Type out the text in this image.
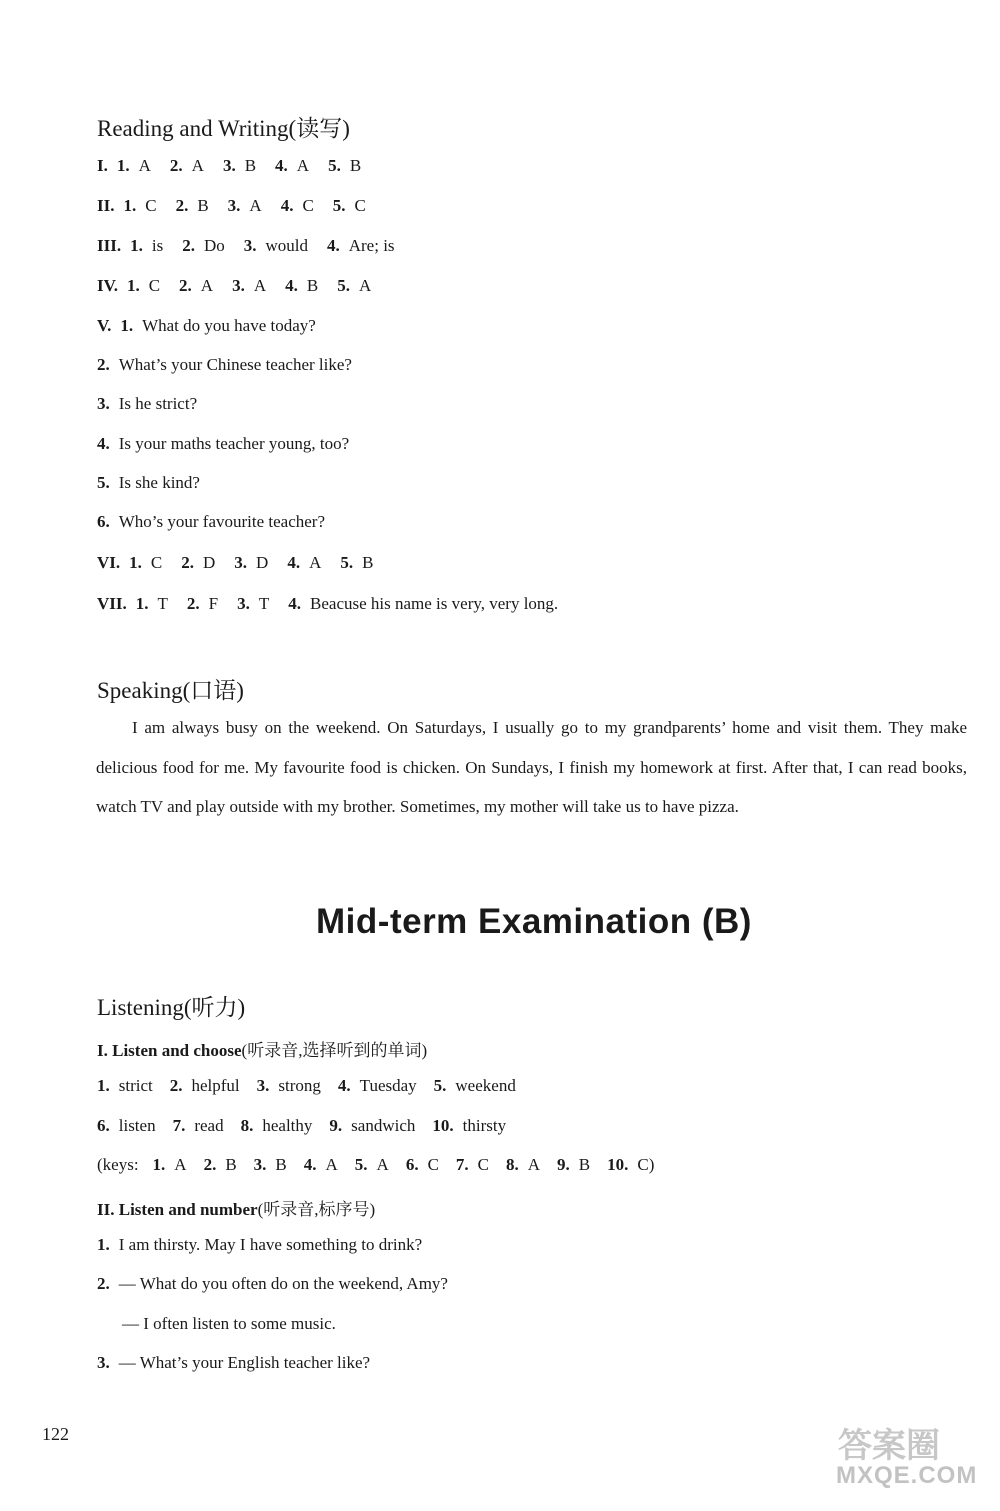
Reading and Writing(读写)
I. 1. A 2. A 3. B 4. A 5. B
II. 1. C 2. B 3. A 4. C 5. C
III. 1. is 2. Do 3. would 4. Are; is
IV. 1. C 2. A 3. A 4. B 5. A
V. 1. What do you have today?
2. What’s your Chinese teacher like?
3. Is he strict?
4. Is your maths teacher young, too?
5. Is she kind?
6. Who’s your favourite teacher?
VI. 1. C 2. D 3. D 4. A 5. B
VII. 1. T 2. F 3. T 4. Beacuse his name is very, very long.
Speaking(口语)
I am always busy on the weekend. On Saturdays, I usually go to my grandparents’ home and visit them. They make delicious food for me. My favourite food is chicken. On Sundays, I finish my homework at first. After that, I can read books, watch TV and play outside with my brother. Sometimes, my mother will take us to have pizza.
Mid-term Examination (B)
Listening(听力)
I. Listen and choose(听录音,选择听到的单词)
1. strict 2. helpful 3. strong 4. Tuesday 5. weekend
6. listen 7. read 8. healthy 9. sandwich 10. thirsty
(keys: 1. A 2. B 3. B 4. A 5. A 6. C 7. C 8. A 9. B 10. C)
II. Listen and number(听录音,标序号)
1. I am thirsty. May I have something to drink?
2. — What do you often do on the weekend, Amy?
— I often listen to some music.
3. — What’s your English teacher like?
122	答案圈
MXQE.COM
